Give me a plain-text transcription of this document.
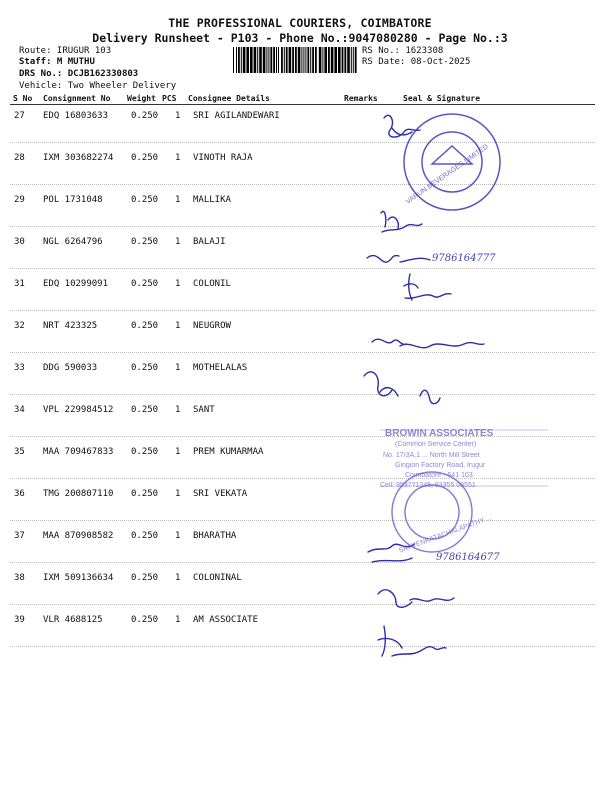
THE PROFESSIONAL COURIERS, COIMBATORE
Delivery Runsheet - P103 - Phone No.:9047080280 - Page No.:3
Route: IRUGUR 103
Staff: M MUTHU
DRS No.: DCJB162330803
Vehicle: Two Wheeler Delivery
RS No.: 1623308
RS Date: 08-Oct-2025
S No Consignment No Weight PCS Consignee Details	Remarks	Seal & Signature
27 EDQ 16803633	0.250 1 SRI AGILANDEWARI
28 IXM 303682274 0.250 1 VINOTH RAJA
29 POL 1731048	0.250 1 MALLIKA
30 NGL 6264796	0.250 1 BALAJI
31 EDQ 10299091	0.250 1 COLONIL
32 NRT 423325	0.250 1 NEUGROW
33 DDG 590033	0.250 1 MOTHELALAS
34 VPL 229984512 0.250 1 SANT
35 MAA 709467833 0.250 1 PREM KUMARMAA
36 TMG 200807110 0.250 1 SRI VEKATA
37 MAA 870908582 0.250 1 BHARATHA
38 IXM 509136634 0.250 1 COLONINAL
39 VLR 4688125	0.250 1 AM ASSOCIATE
BROWIN ASSOCIATES
(Common Service Center)
No. 17/3A,1 ... North Mill Street
Gingion Factory Road, Irugur
Coimbatore - 641 103.
Cell: 9597?1345, 93355 09551
VARUN BEVERAGES LIMITED
SRI VENKATACHALAPATHY ...
9786164777
9786164677
